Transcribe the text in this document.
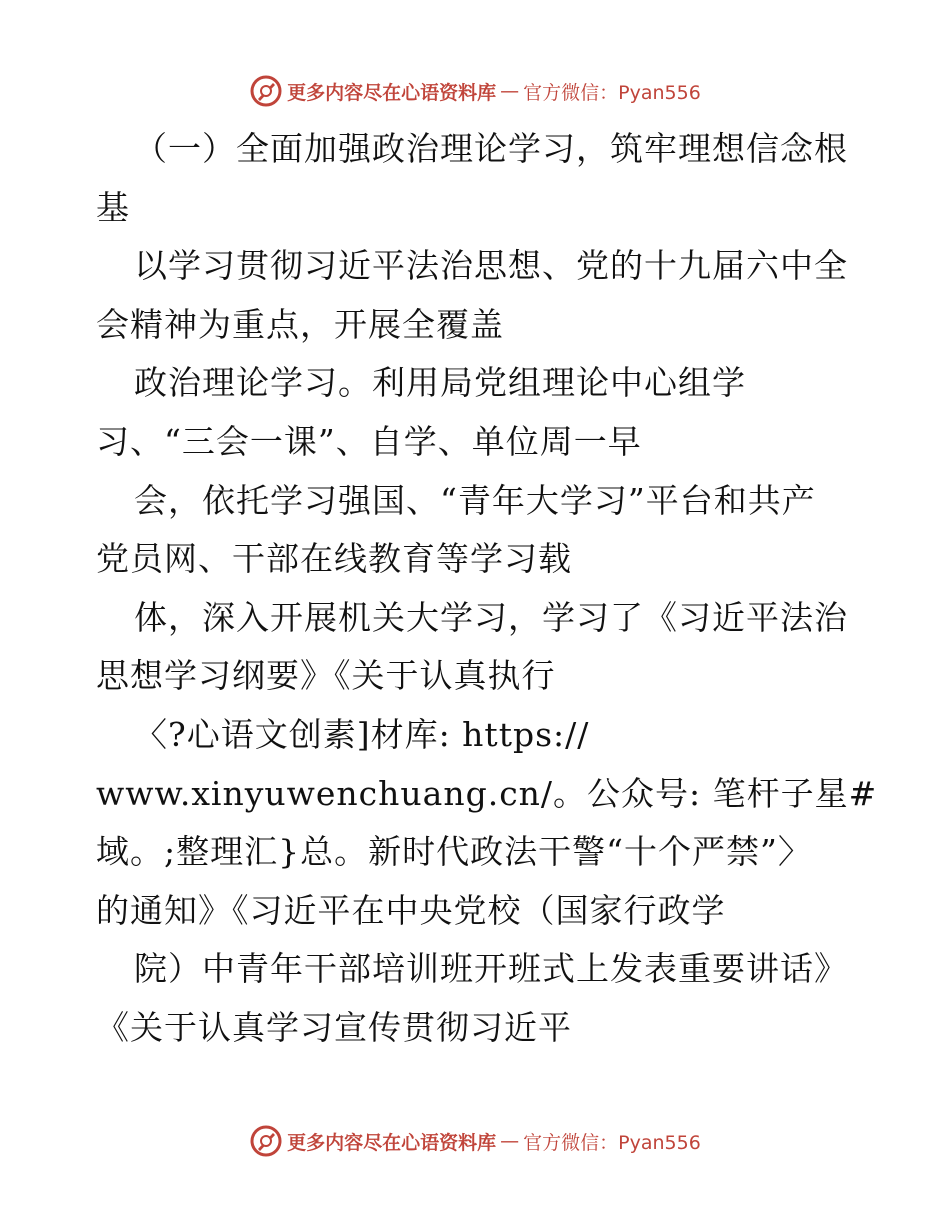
更多内容尽在心语资料库 — 官方微信：Pyan556
（一）全面加强政治理论学习，筑牢理想信念根
基
以学习贯彻习近平法治思想、党的十九届六中全
会精神为重点，开展全覆盖
政治理论学习。利用局党组理论中心组学
习、“三会一课”、自学、单位周一早
会，依托学习强国、“青年大学习”平台和共产
党员网、干部在线教育等学习载
体，深入开展机关大学习，学习了《习近平法治
思想学习纲要》《关于认真执行
〈?心语文创素]材库: https://
www.xinyuwenchuang.cn/。公众号: 笔杆子星#
域。;整理汇}总。新时代政法干警“十个严禁”〉
的通知》《习近平在中央党校（国家行政学
院）中青年干部培训班开班式上发表重要讲话》
《关于认真学习宣传贯彻习近平
更多内容尽在心语资料库 — 官方微信：Pyan556
